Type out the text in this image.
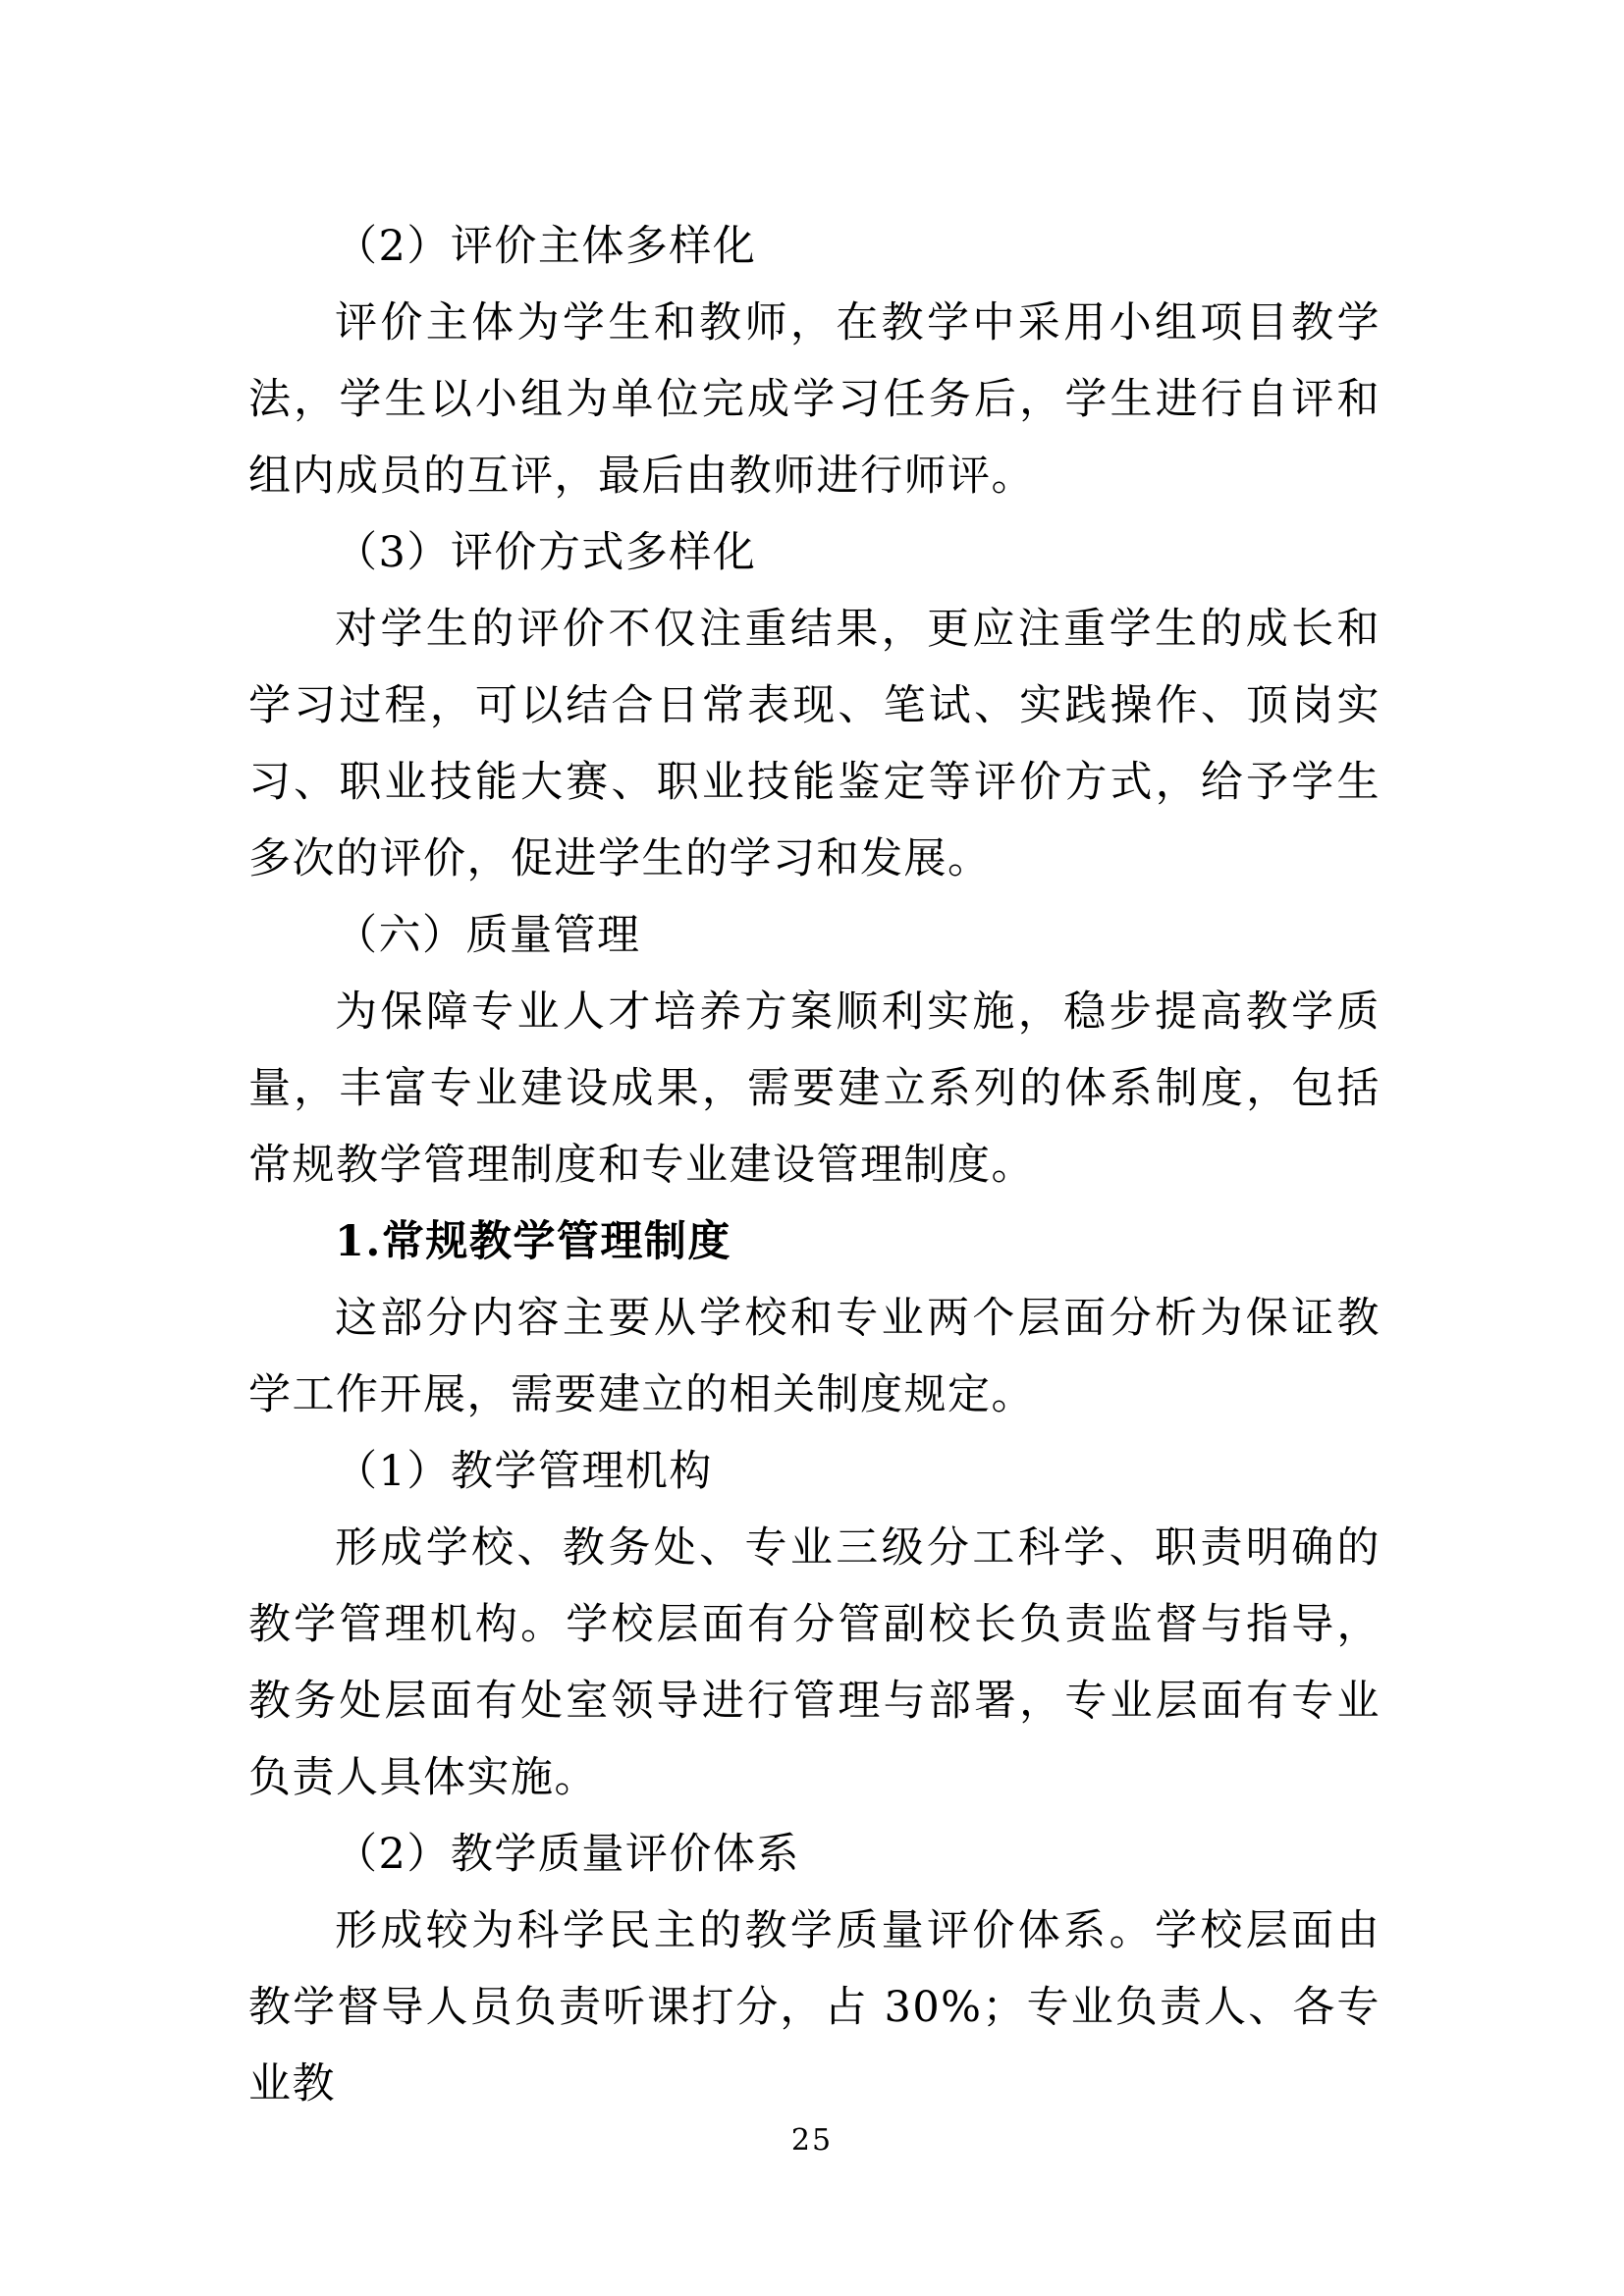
（2）评价主体多样化

评价主体为学生和教师，在教学中采用小组项目教学法，学生以小组为单位完成学习任务后，学生进行自评和组内成员的互评，最后由教师进行师评。

（3）评价方式多样化

对学生的评价不仅注重结果，更应注重学生的成长和学习过程，可以结合日常表现、笔试、实践操作、顶岗实习、职业技能大赛、职业技能鉴定等评价方式，给予学生多次的评价，促进学生的学习和发展。

（六）质量管理

为保障专业人才培养方案顺利实施，稳步提高教学质量，丰富专业建设成果，需要建立系列的体系制度，包括常规教学管理制度和专业建设管理制度。

1.常规教学管理制度

这部分内容主要从学校和专业两个层面分析为保证教学工作开展，需要建立的相关制度规定。

（1）教学管理机构

形成学校、教务处、专业三级分工科学、职责明确的教学管理机构。学校层面有分管副校长负责监督与指导，教务处层面有处室领导进行管理与部署，专业层面有专业负责人具体实施。

（2）教学质量评价体系

形成较为科学民主的教学质量评价体系。学校层面由教学督导人员负责听课打分，占 30%；专业负责人、各专业教

25
